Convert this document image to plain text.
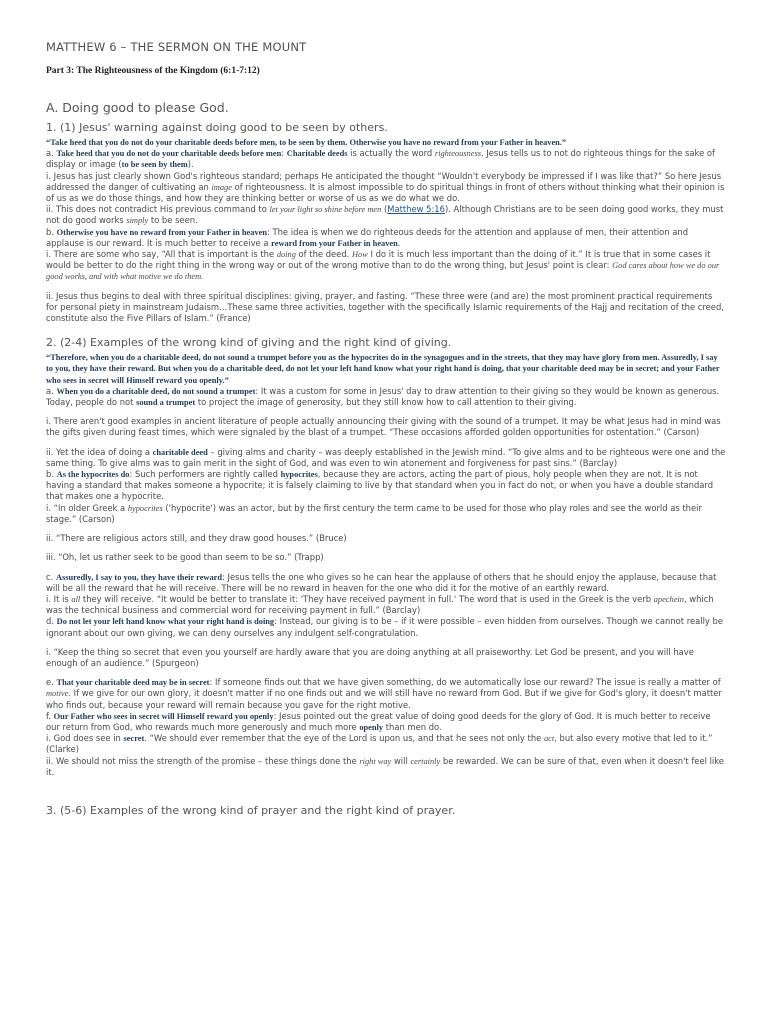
MATTHEW 6 – THE SERMON ON THE MOUNT
Part 3: The Righteousness of the Kingdom (6:1-7:12)
A. Doing good to please God.
1. (1) Jesus' warning against doing good to be seen by others.

“Take heed that you do not do your charitable deeds before men, to be seen by them. Otherwise you have no reward from your Father in heaven.”

a. Take heed that you do not do your charitable deeds before men: Charitable deeds is actually the word righteousness. Jesus tells us to not do righteous things for the sake of display or image (to be seen by them).

i. Jesus has just clearly shown God's righteous standard; perhaps He anticipated the thought “Wouldn't everybody be impressed if I was like that?” So here Jesus addressed the danger of cultivating an image of righteousness. It is almost impossible to do spiritual things in front of others without thinking what their opinion is of us as we do those things, and how they are thinking better or worse of us as we do what we do.

ii. This does not contradict His previous command to let your light so shine before men (Matthew 5:16). Although Christians are to be seen doing good works, they must not do good works simply to be seen.

b. Otherwise you have no reward from your Father in heaven: The idea is when we do righteous deeds for the attention and applause of men, their attention and applause is our reward. It is much better to receive a reward from your Father in heaven.

i. There are some who say, “All that is important is the doing of the deed. How I do it is much less important than the doing of it.” It is true that in some cases it would be better to do the right thing in the wrong way or out of the wrong motive than to do the wrong thing, but Jesus' point is clear: God cares about how we do our good works, and with what motive we do them.

ii. Jesus thus begins to deal with three spiritual disciplines: giving, prayer, and fasting. “These three were (and are) the most prominent practical requirements for personal piety in mainstream Judaism…These same three activities, together with the specifically Islamic requirements of the Hajj and recitation of the creed, constitute also the Five Pillars of Islam.” (France)

2. (2-4) Examples of the wrong kind of giving and the right kind of giving.

“Therefore, when you do a charitable deed, do not sound a trumpet before you as the hypocrites do in the synagogues and in the streets, that they may have glory from men. Assuredly, I say to you, they have their reward. But when you do a charitable deed, do not let your left hand know what your right hand is doing, that your charitable deed may be in secret; and your Father who sees in secret will Himself reward you openly.”

a. When you do a charitable deed, do not sound a trumpet: It was a custom for some in Jesus' day to draw attention to their giving so they would be known as generous. Today, people do not sound a trumpet to project the image of generosity, but they still know how to call attention to their giving.

i. There aren't good examples in ancient literature of people actually announcing their giving with the sound of a trumpet. It may be what Jesus had in mind was the gifts given during feast times, which were signaled by the blast of a trumpet. “These occasions afforded golden opportunities for ostentation.” (Carson)

ii. Yet the idea of doing a charitable deed – giving alms and charity – was deeply established in the Jewish mind. “To give alms and to be righteous were one and the same thing. To give alms was to gain merit in the sight of God, and was even to win atonement and forgiveness for past sins.” (Barclay)

b. As the hypocrites do: Such performers are rightly called hypocrites, because they are actors, acting the part of pious, holy people when they are not. It is not having a standard that makes someone a hypocrite; it is falsely claiming to live by that standard when you in fact do not, or when you have a double standard that makes one a hypocrite.

i. “In older Greek a hypocrites ('hypocrite') was an actor, but by the first century the term came to be used for those who play roles and see the world as their stage.” (Carson)

ii. “There are religious actors still, and they draw good houses.” (Bruce)

iii. “Oh, let us rather seek to be good than seem to be so.” (Trapp)

c. Assuredly, I say to you, they have their reward: Jesus tells the one who gives so he can hear the applause of others that he should enjoy the applause, because that will be all the reward that he will receive. There will be no reward in heaven for the one who did it for the motive of an earthly reward.

i. It is all they will receive. “It would be better to translate it: 'They have received payment in full.' The word that is used in the Greek is the verb apechein, which was the technical business and commercial word for receiving payment in full.” (Barclay)

d. Do not let your left hand know what your right hand is doing: Instead, our giving is to be – if it were possible – even hidden from ourselves. Though we cannot really be ignorant about our own giving, we can deny ourselves any indulgent self-congratulation.

i. “Keep the thing so secret that even you yourself are hardly aware that you are doing anything at all praiseworthy. Let God be present, and you will have enough of an audience.” (Spurgeon)

e. That your charitable deed may be in secret: If someone finds out that we have given something, do we automatically lose our reward? The issue is really a matter of motive. If we give for our own glory, it doesn't matter if no one finds out and we will still have no reward from God. But if we give for God's glory, it doesn't matter who finds out, because your reward will remain because you gave for the right motive.

f. Our Father who sees in secret will Himself reward you openly: Jesus pointed out the great value of doing good deeds for the glory of God. It is much better to receive our return from God, who rewards much more generously and much more openly than men do.

i. God does see in secret. “We should ever remember that the eye of the Lord is upon us, and that he sees not only the act, but also every motive that led to it.” (Clarke)

ii. We should not miss the strength of the promise – these things done the right way will certainly be rewarded. We can be sure of that, even when it doesn't feel like it.

3. (5-6) Examples of the wrong kind of prayer and the right kind of prayer.
